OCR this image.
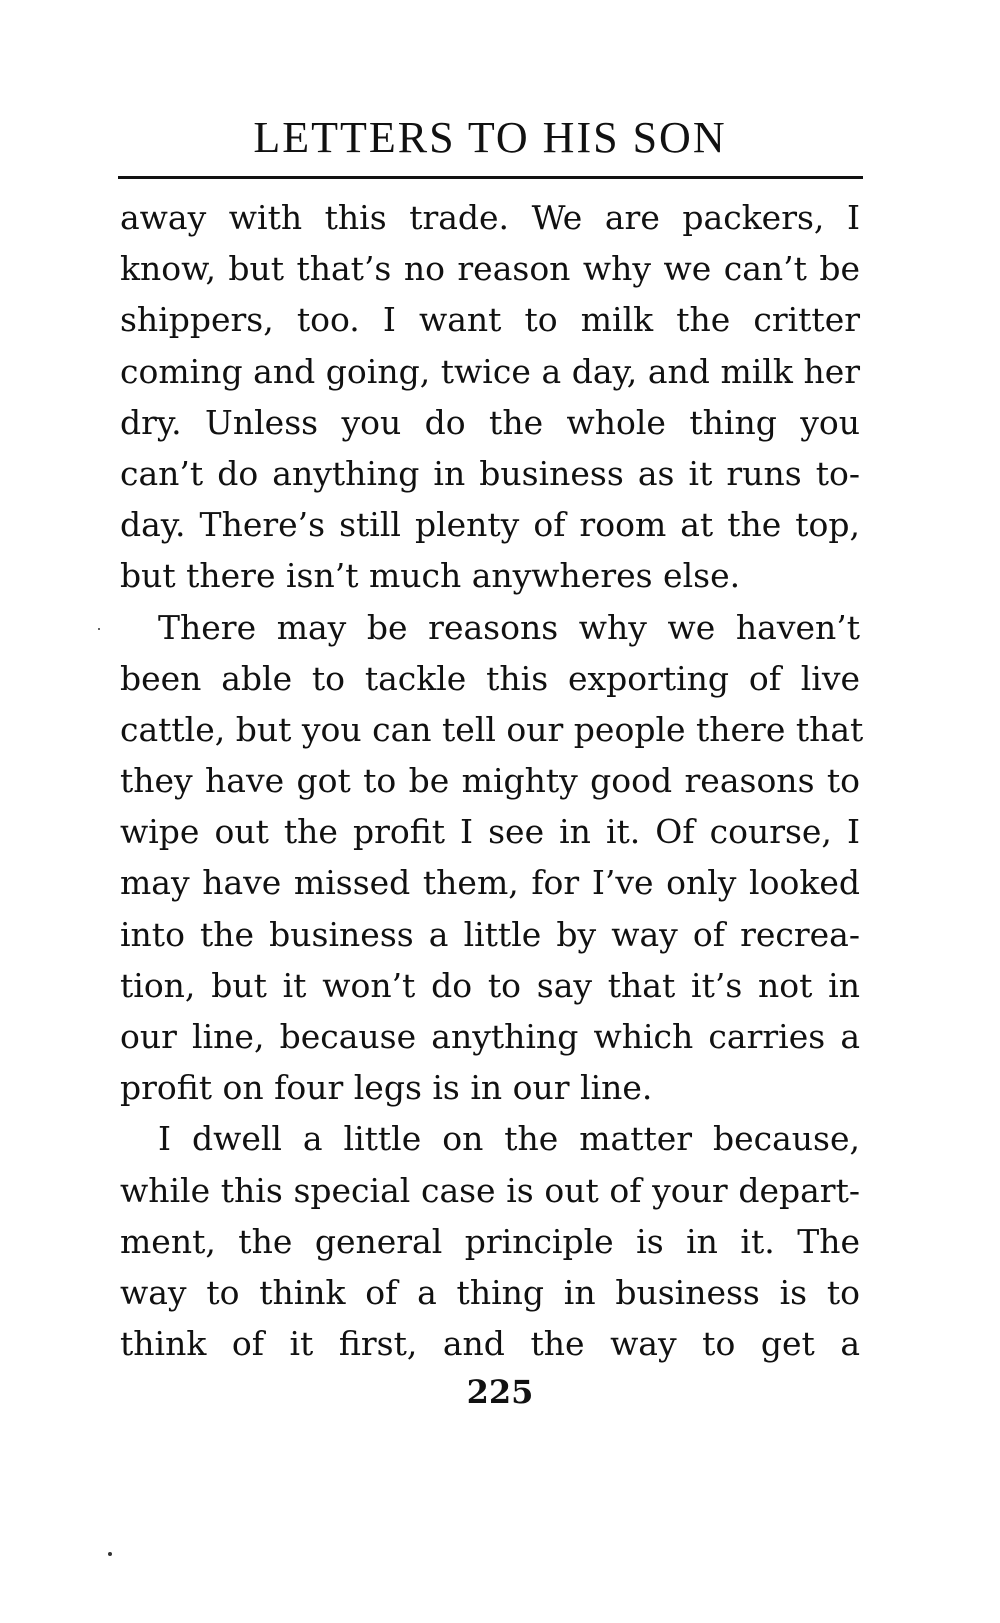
LETTERS TO HIS SON
away with this trade. We are packers, I
know, but that’s no reason why we can’t be
shippers, too. I want to milk the critter
coming and going, twice a day, and milk her
dry. Unless you do the whole thing you
can’t do anything in business as it runs to-
day. There’s still plenty of room at the top,
but there isn’t much anywheres else.
There may be reasons why we haven’t
been able to tackle this exporting of live
cattle, but you can tell our people there that
they have got to be mighty good reasons to
wipe out the profit I see in it. Of course, I
may have missed them, for I’ve only looked
into the business a little by way of recrea-
tion, but it won’t do to say that it’s not in
our line, because anything which carries a
profit on four legs is in our line.
I dwell a little on the matter because,
while this special case is out of your depart-
ment, the general principle is in it. The
way to think of a thing in business is to
think of it first, and the way to get a
225
